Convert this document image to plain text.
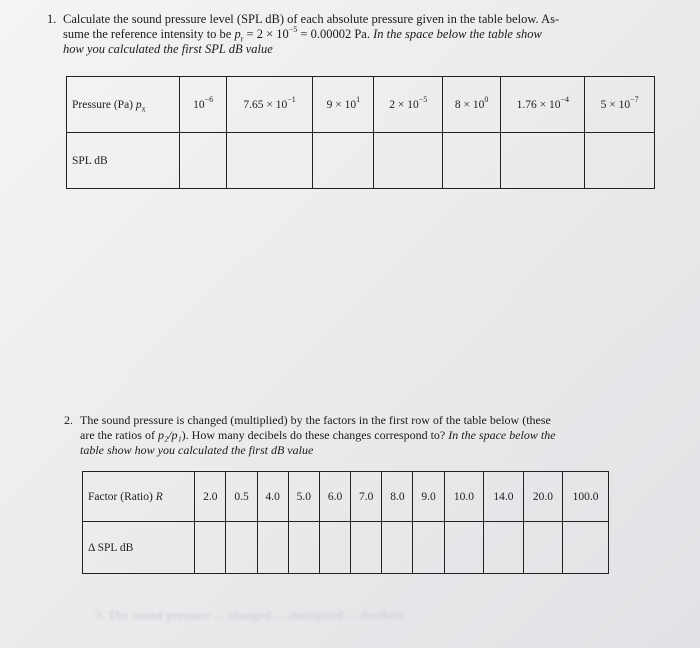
1. Calculate the sound pressure level (SPL dB) of each absolute pressure given in the table below. As-
sume the reference intensity to be $p_r = 2 \times 10^{-5} = 0.00002$ Pa. In the space below the table show
how you calculated the first SPL dB value
Pressure (Pa) $p_x$	$10^{-6}$	$7.65 \times 10^{-1}$	$9 \times 10^1$	$2 \times 10^{-5}$	$8 \times 10^0$	$1.76 \times 10^{-4}$	$5 \times 10^{-7}$
SPL dB							
2. The sound pressure is changed (multiplied) by the factors in the first row of the table below (these
are the ratios of p₂/p₁). How many decibels do these changes correspond to? In the space below the
table show how you calculated the first dB value
Factor (Ratio) R	2.0	0.5	4.0	5.0	6.0	7.0	8.0	9.0	10.0	14.0	20.0	100.0
Δ SPL dB												
3. The sound pressure ... changed ... multiplied ... decibels
